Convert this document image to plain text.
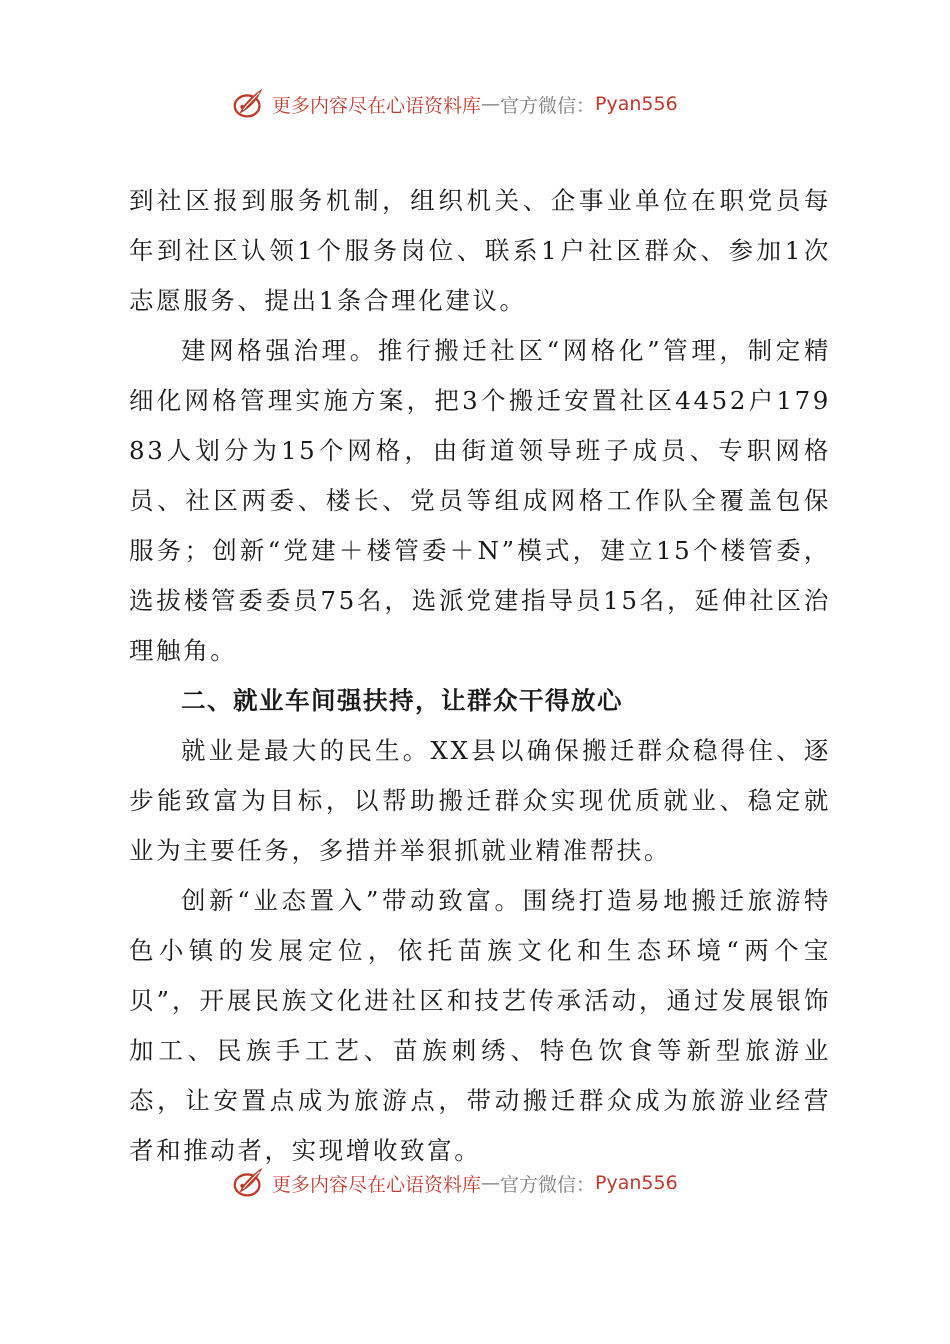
更多内容尽在心语资料库 — 官方微信： Pyan556

到社区报到服务机制，组织机关、企事业单位在职党员每年到社区认领1个服务岗位、联系1户社区群众、参加1次志愿服务、提出1条合理化建议。

建网格强治理。推行搬迁社区“网格化”管理，制定精细化网格管理实施方案，把3个搬迁安置社区4452户17983人划分为15个网格，由街道领导班子成员、专职网格员、社区两委、楼长、党员等组成网格工作队全覆盖包保服务；创新“党建＋楼管委＋N”模式，建立15个楼管委，选拔楼管委委员75名，选派党建指导员15名，延伸社区治理触角。

二、就业车间强扶持，让群众干得放心

就业是最大的民生。XX县以确保搬迁群众稳得住、逐步能致富为目标，以帮助搬迁群众实现优质就业、稳定就业为主要任务，多措并举狠抓就业精准帮扶。

创新“业态置入”带动致富。围绕打造易地搬迁旅游特色小镇的发展定位，依托苗族文化和生态环境“两个宝贝”，开展民族文化进社区和技艺传承活动，通过发展银饰加工、民族手工艺、苗族刺绣、特色饮食等新型旅游业态，让安置点成为旅游点，带动搬迁群众成为旅游业经营者和推动者，实现增收致富。

更多内容尽在心语资料库 — 官方微信： Pyan556
